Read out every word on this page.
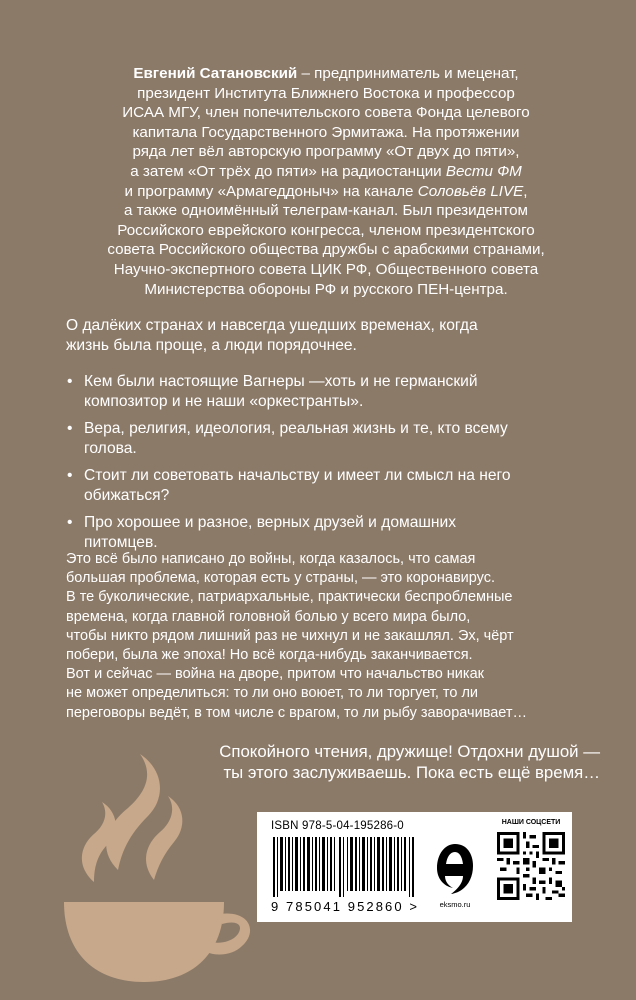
Евгений Сатановский – предприниматель и меценат,
президент Института Ближнего Востока и профессор
ИСАА МГУ, член попечительского совета Фонда целевого
капитала Государственного Эрмитажа. На протяжении
ряда лет вёл авторскую программу «От двух до пяти»,
а затем «От трёх до пяти» на радиостанции Вести ФМ
и программу «Армагеддоныч» на канале Соловьёв LIVE,
а также одноимённый телеграм-канал. Был президентом
Российского еврейского конгресса, членом президентского
совета Российского общества дружбы с арабскими странами,
Научно-экспертного совета ЦИК РФ, Общественного совета
Министерства обороны РФ и русского ПЕН-центра.
О далёких странах и навсегда ушедших временах, когда
жизнь была проще, а люди порядочнее.
• Кем были настоящие Вагнеры —хоть и не германский
композитор и не наши «оркестранты».
• Вера, религия, идеология, реальная жизнь и те, кто всему
голова.
• Стоит ли советовать начальству и имеет ли смысл на него
обижаться?
• Про хорошее и разное, верных друзей и домашних
питомцев.

Это всё было написано до войны, когда казалось, что самая

большая проблема, которая есть у страны, — это коронавирус.

В те буколические, патриархальные, практически беспроблемные

времена, когда главной головной болью у всего мира было,

чтобы никто рядом лишний раз не чихнул и не закашлял. Эх, чёрт

побери, была же эпоха! Но всё когда-нибудь заканчивается.

Вот и сейчас — война на дворе, притом что начальство никак

не может определиться: то ли оно воюет, то ли торгует, то ли

переговоры ведёт, в том числе с врагом, то ли рыбу заворачивает…

Спокойного чтения, дружище! Отдохни душой —
ты этого заслуживаешь. Пока есть ещё время…
ISBN 978-5-04-195286-0
9 785041 952860 >	eksmo.ru
НАШИ СОЦСЕТИ
